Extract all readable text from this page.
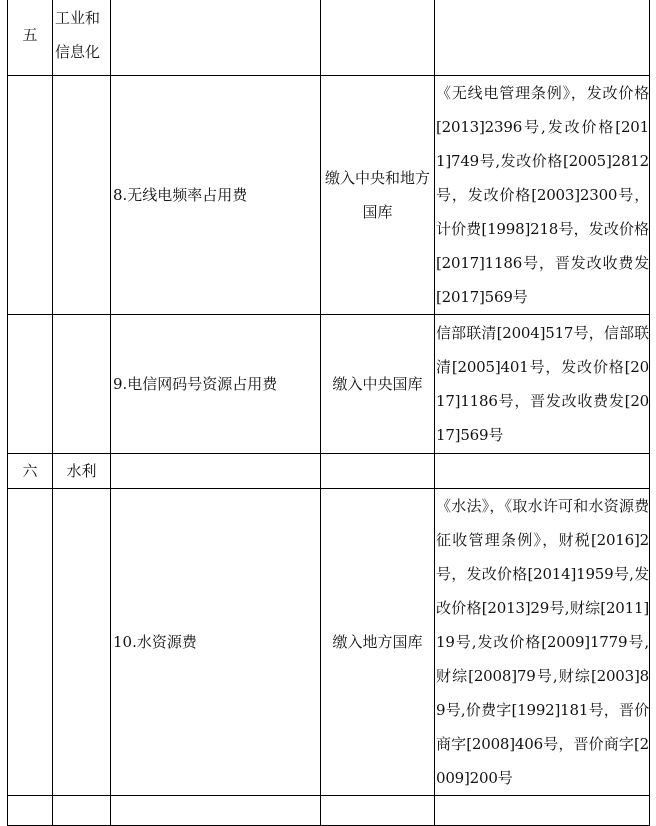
五	工业和信息化			
		8.无线电频率占用费	缴入中央和地方国库	《无线电管理条例》，发改价格[2013]2396号,发改价格[2011]749号,发改价格[2005]2812号，发改价格[2003]2300号，计价费[1998]218号，发改价格[2017]1186号，晋发改收费发[2017]569号
		9.电信网码号资源占用费	缴入中央国库	信部联清[2004]517号，信部联清[2005]401号，发改价格[2017]1186号，晋发改收费发[2017]569号
六	水利			
		10.水资源费	缴入地方国库	《水法》，《取水许可和水资源费征收管理条例》，财税[2016]2号，发改价格[2014]1959号,发改价格[2013]29号,财综[2011]19号,发改价格[2009]1779号,财综[2008]79号,财综[2003]89号,价费字[1992]181号，晋价商字[2008]406号，晋价商字[2009]200号
